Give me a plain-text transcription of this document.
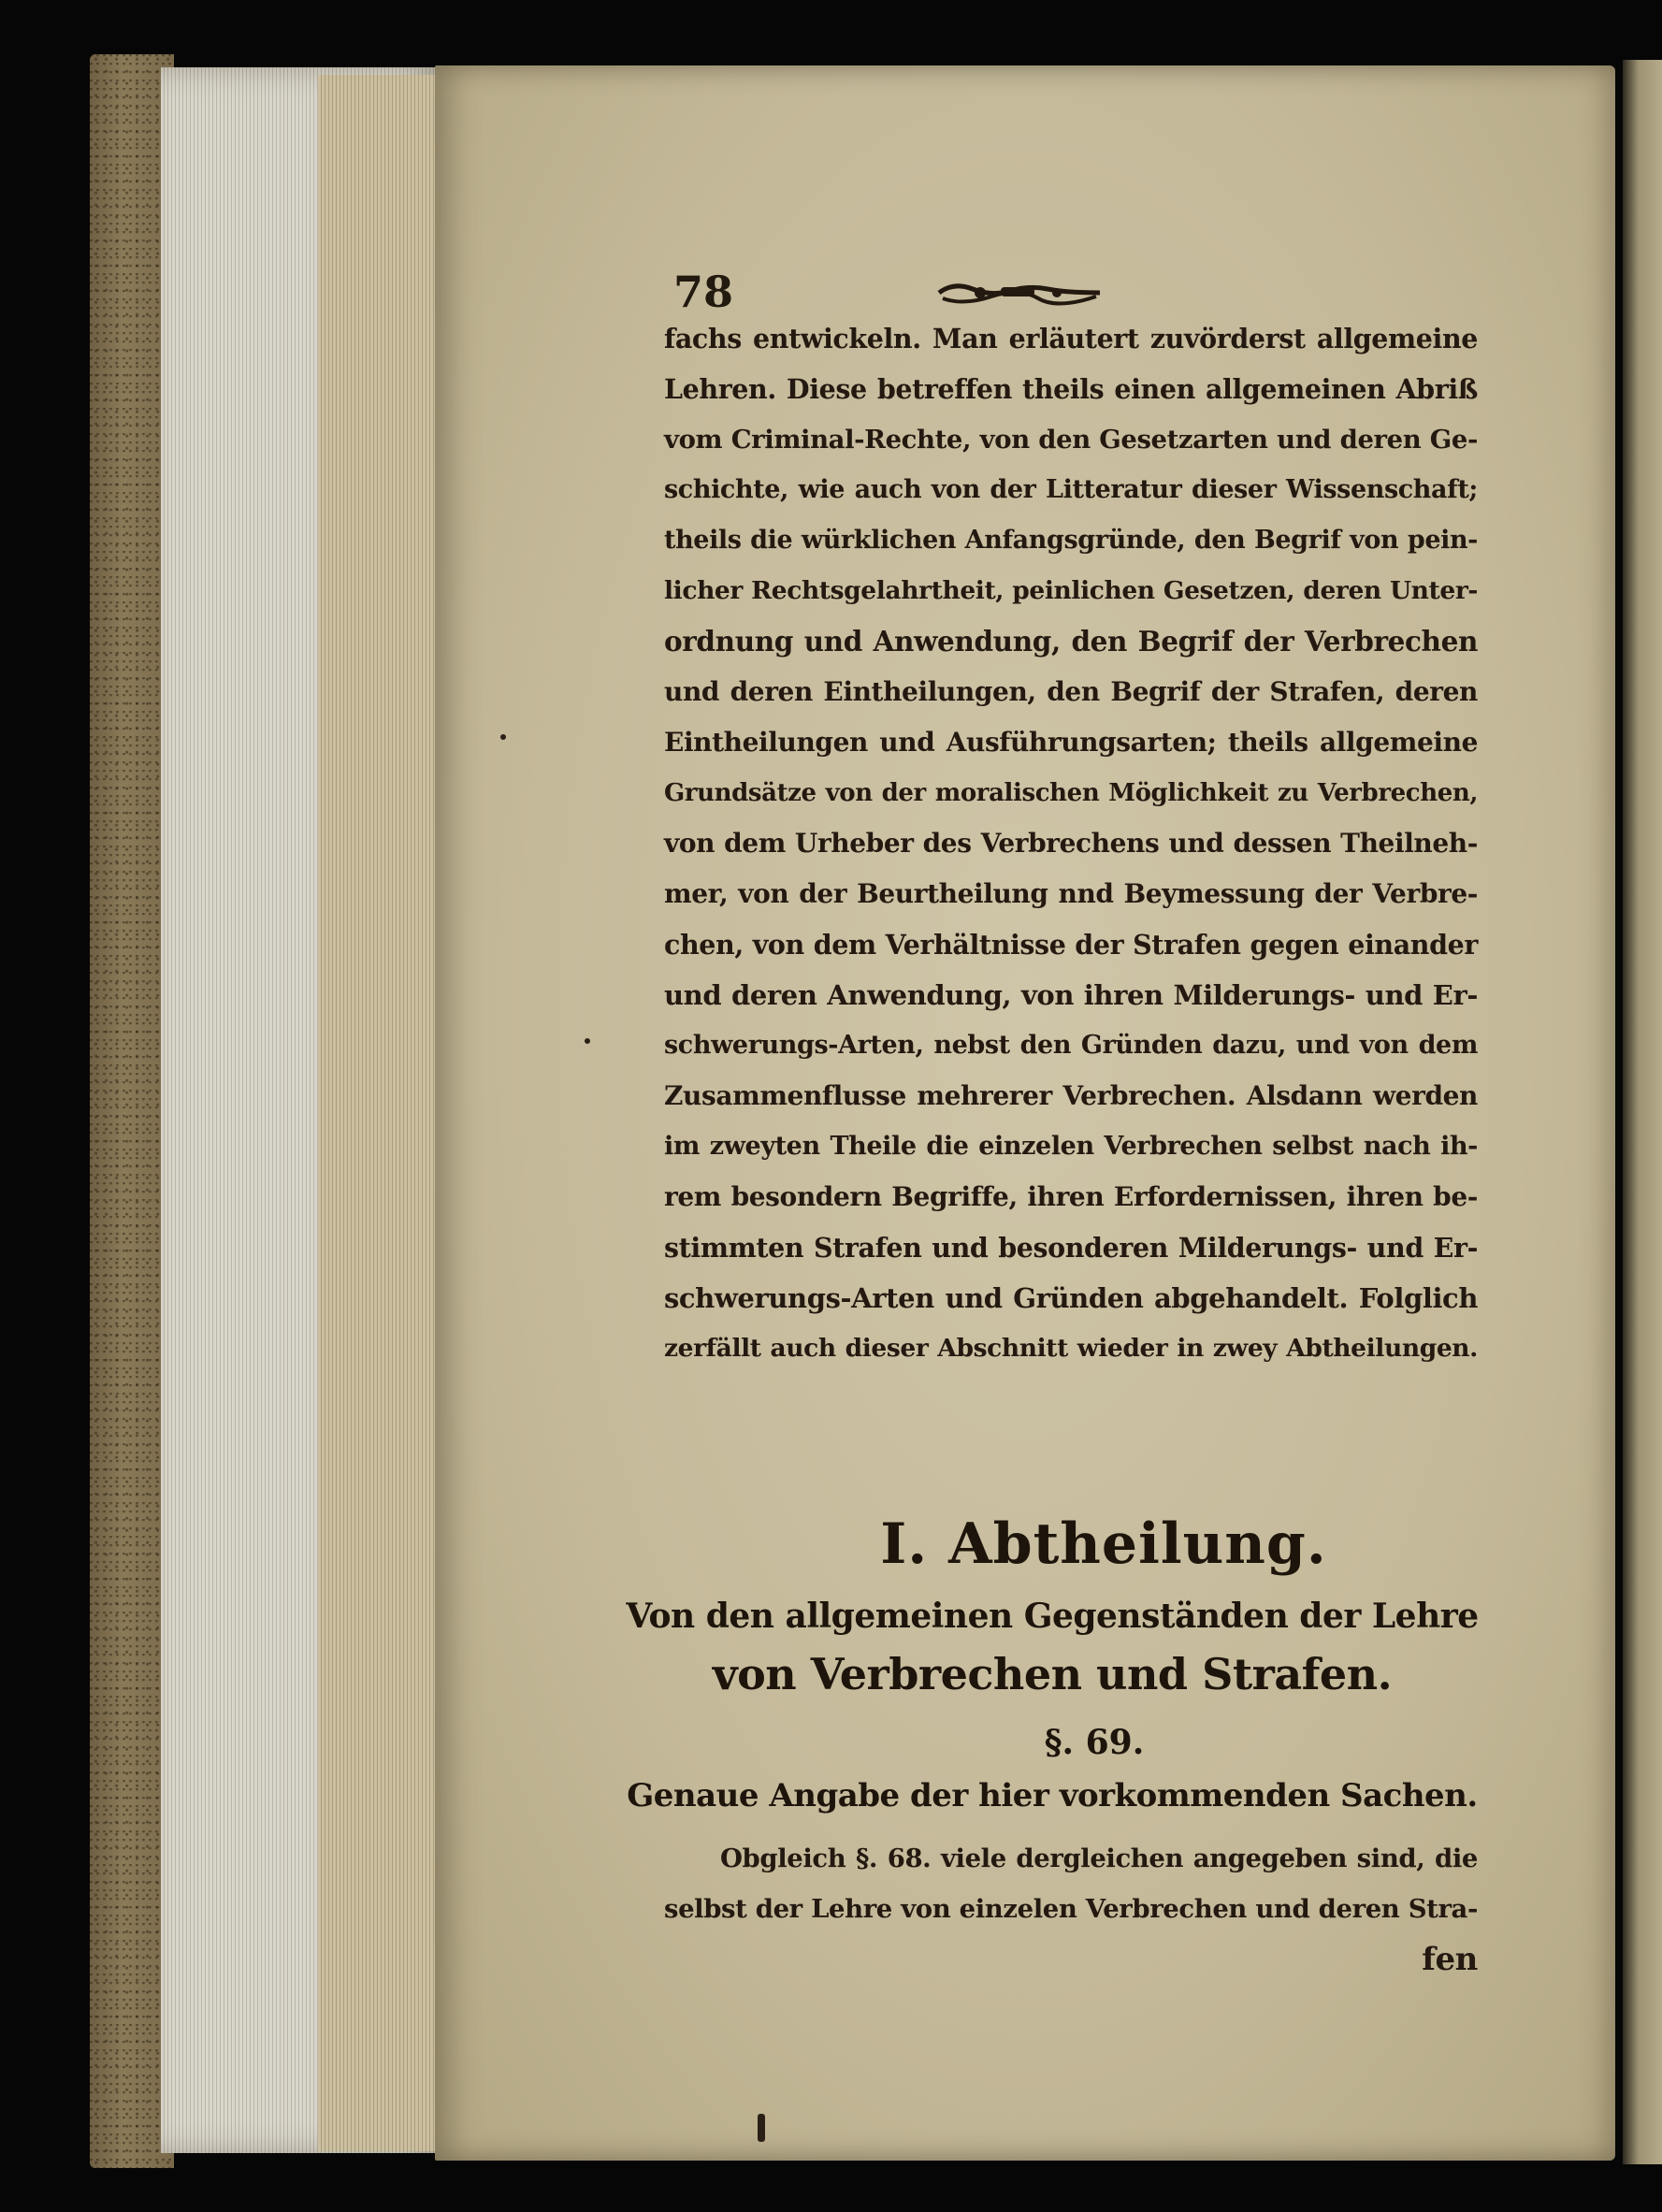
78
fachs entwickeln. Man erläutert zuvörderst allgemeine
Lehren. Diese betreffen theils einen allgemeinen Abriß
vom Criminal-Rechte, von den Gesetzarten und deren Ge-
schichte, wie auch von der Litteratur dieser Wissenschaft;
theils die würklichen Anfangsgründe, den Begrif von pein-
licher Rechtsgelahrtheit, peinlichen Gesetzen, deren Unter-
ordnung und Anwendung, den Begrif der Verbrechen
und deren Eintheilungen, den Begrif der Strafen, deren
Eintheilungen und Ausführungsarten; theils allgemeine
Grundsätze von der moralischen Möglichkeit zu Verbrechen,
von dem Urheber des Verbrechens und dessen Theilneh-
mer, von der Beurtheilung nnd Beymessung der Verbre-
chen, von dem Verhältnisse der Strafen gegen einander
und deren Anwendung, von ihren Milderungs- und Er-
schwerungs-Arten, nebst den Gründen dazu, und von dem
Zusammenflusse mehrerer Verbrechen. Alsdann werden
im zweyten Theile die einzelen Verbrechen selbst nach ih-
rem besondern Begriffe, ihren Erfordernissen, ihren be-
stimmten Strafen und besonderen Milderungs- und Er-
schwerungs-Arten und Gründen abgehandelt. Folglich
zerfällt auch dieser Abschnitt wieder in zwey Abtheilungen.
I. Abtheilung.
Von den allgemeinen Gegenständen der Lehre
von Verbrechen und Strafen.
§. 69.
Genaue Angabe der hier vorkommenden Sachen.
Obgleich §. 68. viele dergleichen angegeben sind, die
selbst der Lehre von einzelen Verbrechen und deren Stra-
fen
